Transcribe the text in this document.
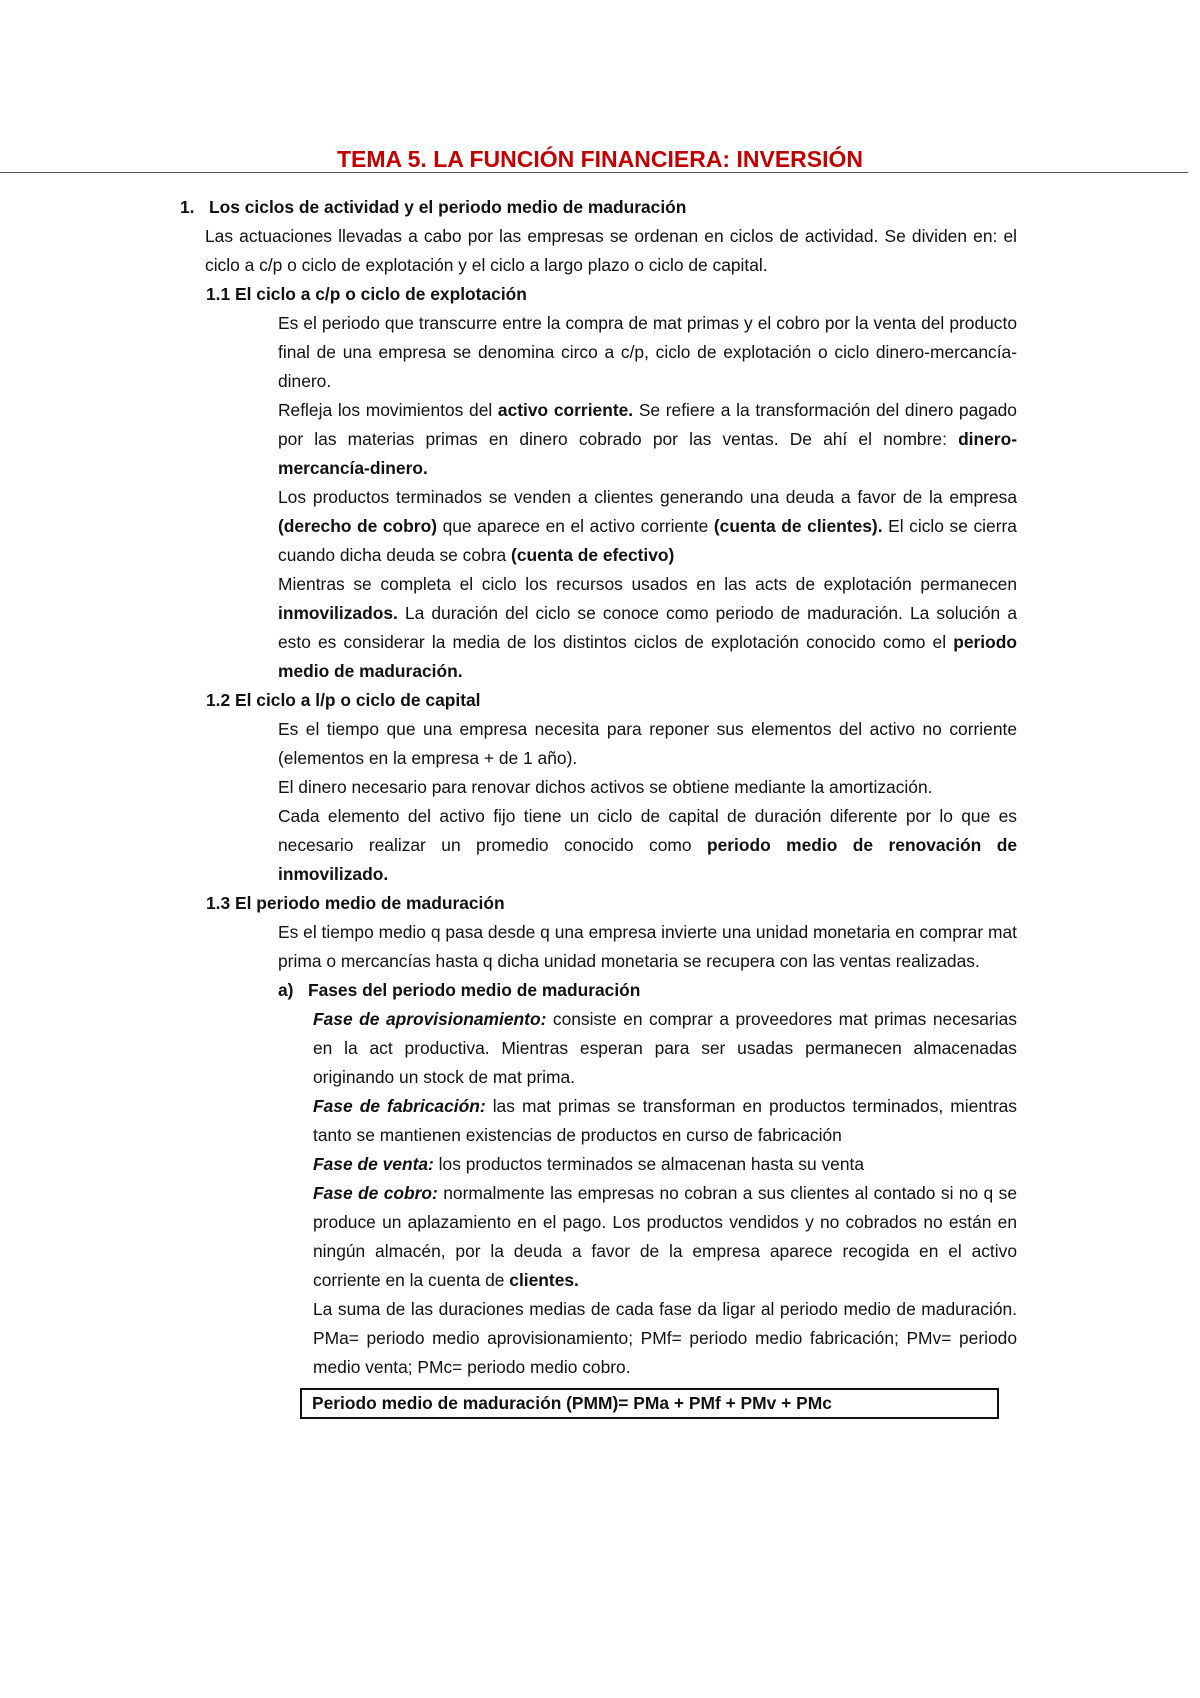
TEMA 5. LA FUNCIÓN FINANCIERA: INVERSIÓN

1. Los ciclos de actividad y el periodo medio de maduración

Las actuaciones llevadas a cabo por las empresas se ordenan en ciclos de actividad. Se dividen en: el ciclo a c/p o ciclo de explotación y el ciclo a largo plazo o ciclo de capital.

1.1 El ciclo a c/p o ciclo de explotación

Es el periodo que transcurre entre la compra de mat primas y el cobro por la venta del producto final de una empresa se denomina circo a c/p, ciclo de explotación o ciclo dinero-mercancía-dinero.

Refleja los movimientos del activo corriente. Se refiere a la transformación del dinero pagado por las materias primas en dinero cobrado por las ventas. De ahí el nombre: dinero-mercancía-dinero.

Los productos terminados se venden a clientes generando una deuda a favor de la empresa (derecho de cobro) que aparece en el activo corriente (cuenta de clientes). El ciclo se cierra cuando dicha deuda se cobra (cuenta de efectivo)

Mientras se completa el ciclo los recursos usados en las acts de explotación permanecen inmovilizados. La duración del ciclo se conoce como periodo de maduración. La solución a esto es considerar la media de los distintos ciclos de explotación conocido como el periodo medio de maduración.

1.2 El ciclo a l/p o ciclo de capital

Es el tiempo que una empresa necesita para reponer sus elementos del activo no corriente (elementos en la empresa + de 1 año).

El dinero necesario para renovar dichos activos se obtiene mediante la amortización.

Cada elemento del activo fijo tiene un ciclo de capital de duración diferente por lo que es necesario realizar un promedio conocido como periodo medio de renovación de inmovilizado.

1.3 El periodo medio de maduración

Es el tiempo medio q pasa desde q una empresa invierte una unidad monetaria en comprar mat prima o mercancías hasta q dicha unidad monetaria se recupera con las ventas realizadas.

a) Fases del periodo medio de maduración

Fase de aprovisionamiento: consiste en comprar a proveedores mat primas necesarias en la act productiva. Mientras esperan para ser usadas permanecen almacenadas originando un stock de mat prima.

Fase de fabricación: las mat primas se transforman en productos terminados, mientras tanto se mantienen existencias de productos en curso de fabricación

Fase de venta: los productos terminados se almacenan hasta su venta

Fase de cobro: normalmente las empresas no cobran a sus clientes al contado si no q se produce un aplazamiento en el pago. Los productos vendidos y no cobrados no están en ningún almacén, por la deuda a favor de la empresa aparece recogida en el activo corriente en la cuenta de clientes.

La suma de las duraciones medias de cada fase da ligar al periodo medio de maduración. PMa= periodo medio aprovisionamiento; PMf= periodo medio fabricación; PMv= periodo medio venta; PMc= periodo medio cobro.

Periodo medio de maduración (PMM)= PMa + PMf + PMv + PMc
